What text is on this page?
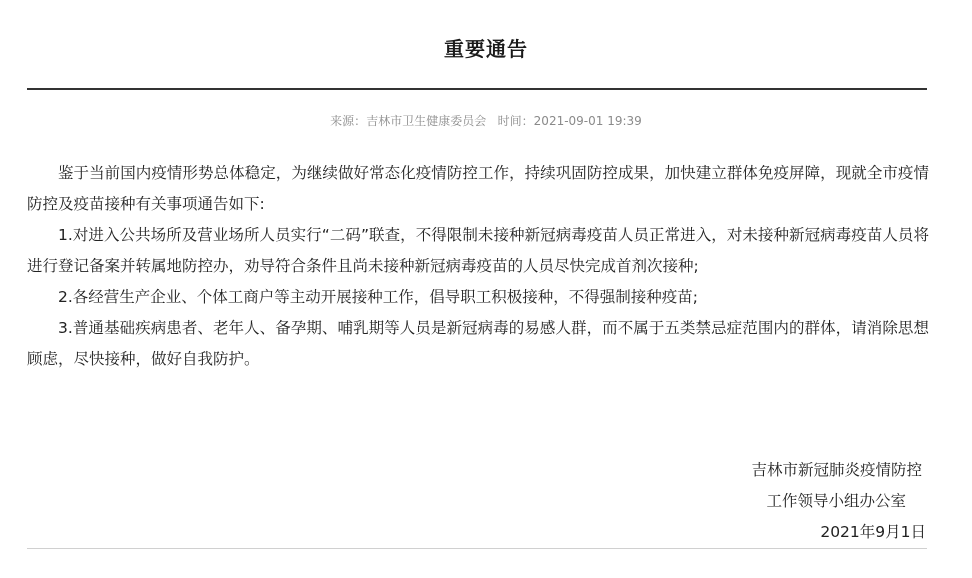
重要通告
来源：吉林市卫生健康委员会 时间：2021-09-01 19:39

鉴于当前国内疫情形势总体稳定，为继续做好常态化疫情防控工作，持续巩固防控成果，加快建立群体免疫屏障，现就全市疫情防控及疫苗接种有关事项通告如下:

1.对进入公共场所及营业场所人员实行“二码”联查，不得限制未接种新冠病毒疫苗人员正常进入，对未接种新冠病毒疫苗人员将进行登记备案并转属地防控办，劝导符合条件且尚未接种新冠病毒疫苗的人员尽快完成首剂次接种;

2.各经营生产企业、个体工商户等主动开展接种工作，倡导职工积极接种，不得强制接种疫苗;

3.普通基础疾病患者、老年人、备孕期、哺乳期等人员是新冠病毒的易感人群，而不属于五类禁忌症范围内的群体，请消除思想顾虑，尽快接种，做好自我防护。

吉林市新冠肺炎疫情防控
工作领导小组办公室
2021年9月1日
